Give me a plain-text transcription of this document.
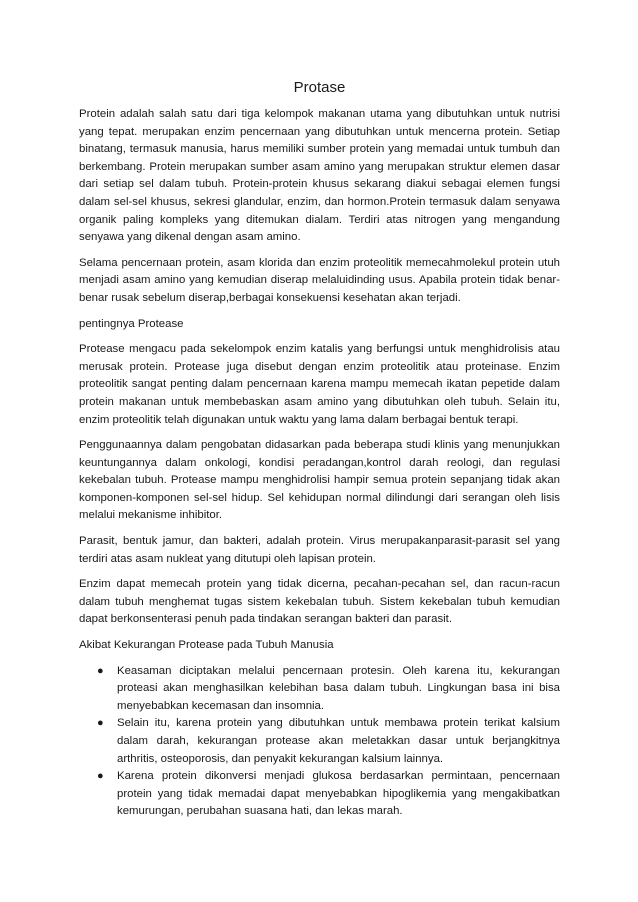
Protase

Protein adalah salah satu dari tiga kelompok makanan utama yang dibutuhkan untuk nutrisi yang tepat. merupakan enzim pencernaan yang dibutuhkan untuk mencerna protein. Setiap binatang, termasuk manusia, harus memiliki sumber protein yang memadai untuk tumbuh dan berkembang. Protein merupakan sumber asam amino yang merupakan struktur elemen dasar dari setiap sel dalam tubuh. Protein-protein khusus sekarang diakui sebagai elemen fungsi dalam sel-sel khusus, sekresi glandular, enzim, dan hormon.Protein termasuk dalam senyawa organik paling kompleks yang ditemukan dialam. Terdiri atas nitrogen yang mengandung senyawa yang dikenal dengan asam amino.

Selama pencernaan protein, asam klorida dan enzim proteolitik memecahmolekul protein utuh menjadi asam amino yang kemudian diserap melaluidinding usus. Apabila protein tidak benar-benar rusak sebelum diserap,berbagai konsekuensi kesehatan akan terjadi.

pentingnya Protease

Protease mengacu pada sekelompok enzim katalis yang berfungsi untuk menghidrolisis atau merusak protein. Protease juga disebut dengan enzim proteolitik atau proteinase. Enzim proteolitik sangat penting dalam pencernaan karena mampu memecah ikatan pepetide dalam protein makanan untuk membebaskan asam amino yang dibutuhkan oleh tubuh. Selain itu, enzim proteolitik telah digunakan untuk waktu yang lama dalam berbagai bentuk terapi.

Penggunaannya dalam pengobatan didasarkan pada beberapa studi klinis yang menunjukkan keuntungannya dalam onkologi, kondisi peradangan,kontrol darah reologi, dan regulasi kekebalan tubuh. Protease mampu menghidrolisi hampir semua protein sepanjang tidak akan komponen-komponen sel-sel hidup. Sel kehidupan normal dilindungi dari serangan oleh lisis melalui mekanisme inhibitor.

Parasit, bentuk jamur, dan bakteri, adalah protein. Virus merupakanparasit-parasit sel yang terdiri atas asam nukleat yang ditutupi oleh lapisan protein.

Enzim dapat memecah protein yang tidak dicerna, pecahan-pecahan sel, dan racun-racun dalam tubuh menghemat tugas sistem kekebalan tubuh. Sistem kekebalan tubuh kemudian dapat berkonsenterasi penuh pada tindakan serangan bakteri dan parasit.

Akibat Kekurangan Protease pada Tubuh Manusia

● Keasaman diciptakan melalui pencernaan protesin. Oleh karena itu, kekurangan proteasi akan menghasilkan kelebihan basa dalam tubuh. Lingkungan basa ini bisa menyebabkan kecemasan dan insomnia.
● Selain itu, karena protein yang dibutuhkan untuk membawa protein terikat kalsium dalam darah, kekurangan protease akan meletakkan dasar untuk berjangkitnya arthritis, osteoporosis, dan penyakit kekurangan kalsium lainnya.
● Karena protein dikonversi menjadi glukosa berdasarkan permintaan, pencernaan protein yang tidak memadai dapat menyebabkan hipoglikemia yang mengakibatkan kemurungan, perubahan suasana hati, dan lekas marah.
